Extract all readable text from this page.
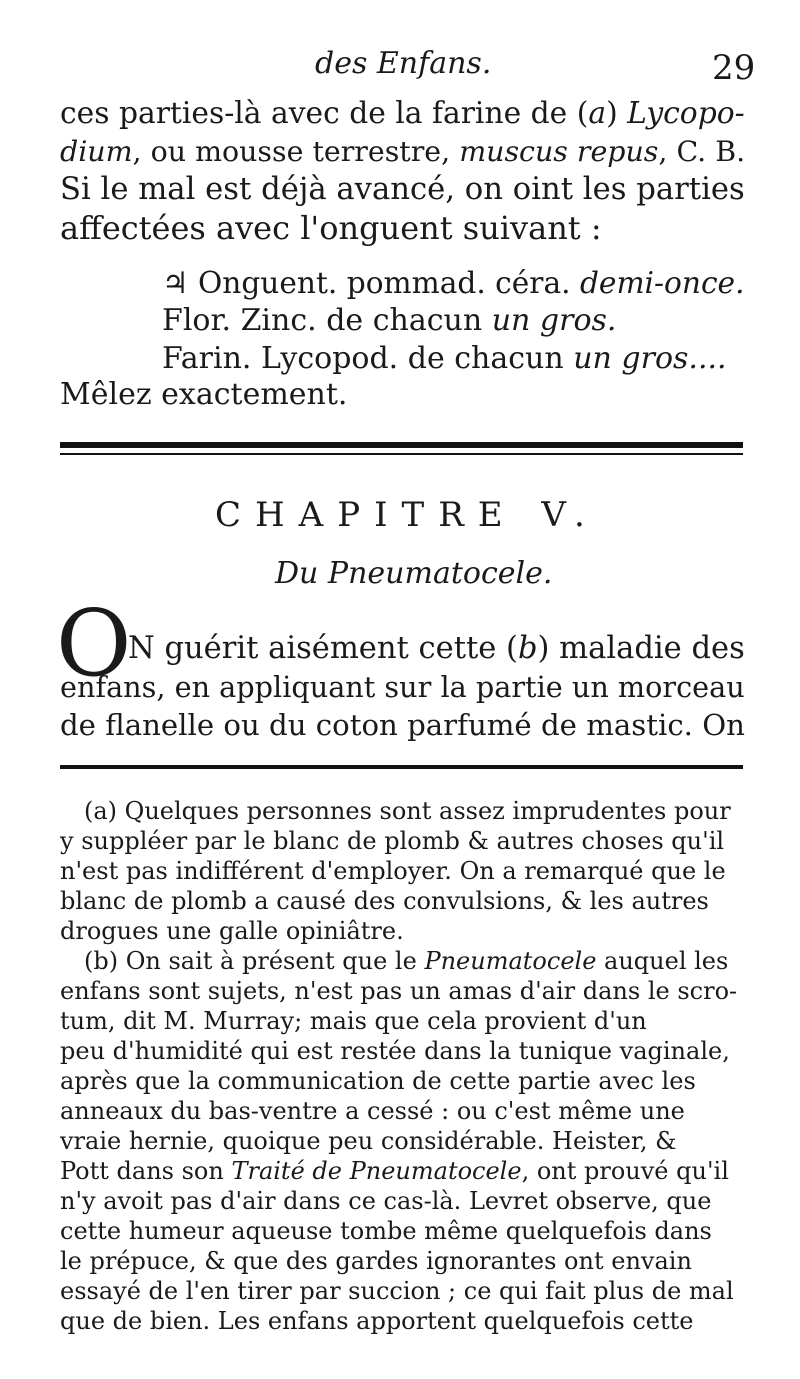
des Enfans.	29
ces parties-là avec de la farine de (a) Lycopo-
dium, ou mousse terrestre, muscus repus, C. B.
Si le mal est déjà avancé, on oint les parties
affectées avec l'onguent suivant :
♃ Onguent. pommad. céra. demi-once.
Flor. Zinc. de chacun un gros.
Farin. Lycopod. de chacun un gros....
Mêlez exactement.
CHAPITRE V.
Du Pneumatocele.
O
N guérit aisément cette (b) maladie des
enfans, en appliquant sur la partie un morceau
de flanelle ou du coton parfumé de mastic. On
(a) Quelques personnes sont assez imprudentes pour
y suppléer par le blanc de plomb & autres choses qu'il
n'est pas indifférent d'employer. On a remarqué que le
blanc de plomb a causé des convulsions, & les autres
drogues une galle opiniâtre.
(b) On sait à présent que le Pneumatocele auquel les
enfans sont sujets, n'est pas un amas d'air dans le scro-
tum, dit M. Murray; mais que cela provient d'un
peu d'humidité qui est restée dans la tunique vaginale,
après que la communication de cette partie avec les
anneaux du bas-ventre a cessé : ou c'est même une
vraie hernie, quoique peu considérable. Heister, &
Pott dans son Traité de Pneumatocele, ont prouvé qu'il
n'y avoit pas d'air dans ce cas-là. Levret observe, que
cette humeur aqueuse tombe même quelquefois dans
le prépuce, & que des gardes ignorantes ont envain
essayé de l'en tirer par succion ; ce qui fait plus de mal
que de bien. Les enfans apportent quelquefois cette
